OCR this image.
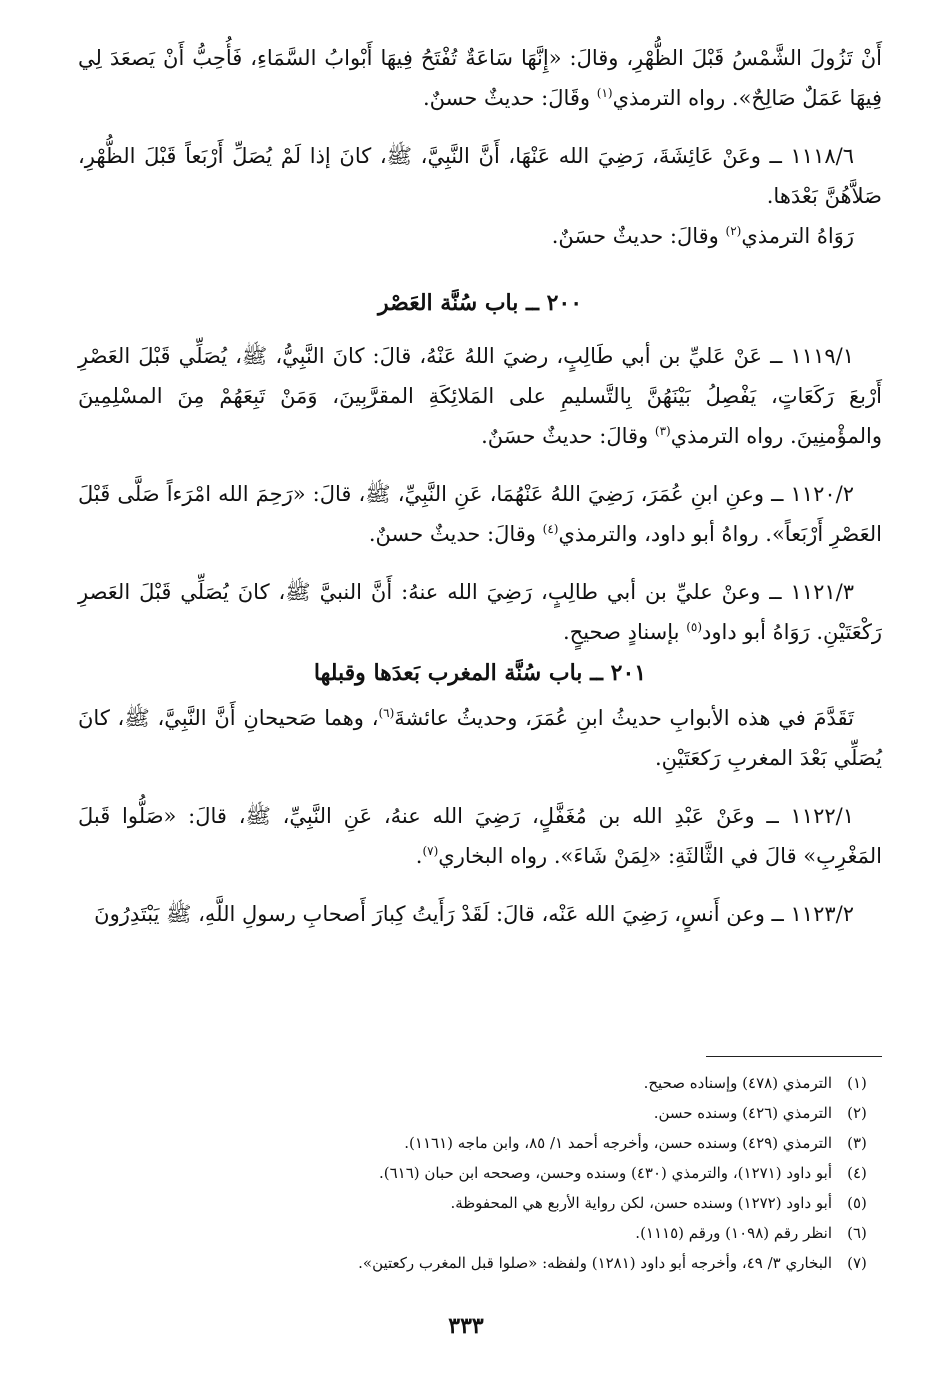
أَنْ تَزُولَ الشَّمْسُ قَبْلَ الظُّهْرِ، وقالَ: «إِنَّهَا سَاعَةٌ تُفْتَحُ فِيهَا أَبْوابُ السَّمَاءِ، فَأُحِبُّ أَنْ يَصعَدَ لِي فِيهَا عَمَلٌ صَالِحٌ». رواه الترمذي$^{(١)}$ وقَالَ: حديثٌ حسنٌ.

١١١٨/٦ ــ وعَنْ عَائِشَةَ، رَضِيَ الله عَنْهَا، أَنَّ النَّبِيَّ، ﷺ، كانَ إذا لَمْ يُصَلِّ أَرْبَعاً قَبْلَ الظُّهْرِ، صَلاَّهُنَّ بَعْدَها.

رَوَاهُ الترمذي$^{(٢)}$ وقالَ: حديثٌ حسَنٌ.

٢٠٠ ــ باب سُنَّة العَصْر

١١١٩/١ ــ عَنْ عَليِّ بن أبي طَالِبٍ، رضيَ اللهُ عَنْهُ، قالَ: كانَ النَّبِيُّ، ﷺ، يُصَلِّي قَبْلَ العَصْرِ أَرْبعَ رَكَعَاتٍ، يَفْصِلُ بَيْنَهُنَّ بِالتَّسليمِ على المَلائِكَةِ المقرَّبِينَ، وَمَنْ تَبِعَهُمْ مِنَ المسْلِمِينَ والمؤْمنِينَ. رواه الترمذي$^{(٣)}$ وقالَ: حديثٌ حسَنٌ.

١١٢٠/٢ ــ وعنِ ابنِ عُمَرَ، رَضِيَ اللهُ عَنْهُمَا، عَنِ النَّبِيِّ، ﷺ، قالَ: «رَحِمَ الله امْرَءاً صَلَّى قَبْلَ العَصْرِ أَرْبَعاً». رواهُ أبو داود، والترمذي$^{(٤)}$ وقالَ: حديثٌ حسنٌ.

١١٢١/٣ ــ وعنْ عليِّ بن أبي طالِبٍ، رَضِيَ الله عنهُ: أَنَّ النبيَّ ﷺ، كانَ يُصَلِّي قَبْلَ العَصرِ رَكْعَتَيْنِ. رَوَاهُ أبو داود$^{(٥)}$ بإسنادٍ صحيحٍ.

٢٠١ ــ باب سُنَّة المغرب بَعدَها وقبلها

تَقَدَّمَ في هذه الأبوابِ حديثُ ابنِ عُمَرَ، وحديثُ عائشةَ$^{(٦)}$، وهما صَحيحانِ أَنَّ النَّبِيَّ، ﷺ، كانَ يُصَلِّي بَعْدَ المغربِ رَكعَتَيْنِ.

١١٢٢/١ ــ وعَنْ عَبْدِ الله بن مُغَفَّلٍ، رَضِيَ الله عنهُ، عَنِ النَّبِيِّ، ﷺ، قالَ: «صَلُّوا قَبلَ المَغْرِبِ» قالَ في الثَّالثَةِ: «لِمَنْ شَاءَ». رواه البخاري$^{(٧)}$.

١١٢٣/٢ ــ وعن أَنسٍ، رَضِيَ الله عَنْه، قالَ: لَقَدْ رَأَيتُ كِبارَ أَصحابِ رسولِ اللَّهِ، ﷺ يَبْتَدِرُونَ

(١)
الترمذي (٤٧٨) وإسناده صحيح.
(٢)
الترمذي (٤٢٦) وسنده حسن.
(٣)
الترمذي (٤٢٩) وسنده حسن، وأخرجه أحمد ١/ ٨٥، وابن ماجه (١١٦١).
(٤)
أبو داود (١٢٧١)، والترمذي (٤٣٠) وسنده وحسن، وصححه ابن حبان (٦١٦).
(٥)
أبو داود (١٢٧٢) وسنده حسن، لكن رواية الأربع هي المحفوظة.
(٦)
انظر رقم (١٠٩٨) ورقم (١١١٥).
(٧)
البخاري ٣/ ٤٩، وأخرجه أبو داود (١٢٨١) ولفظه: «صلوا قبل المغرب ركعتين».
٣٣٣
